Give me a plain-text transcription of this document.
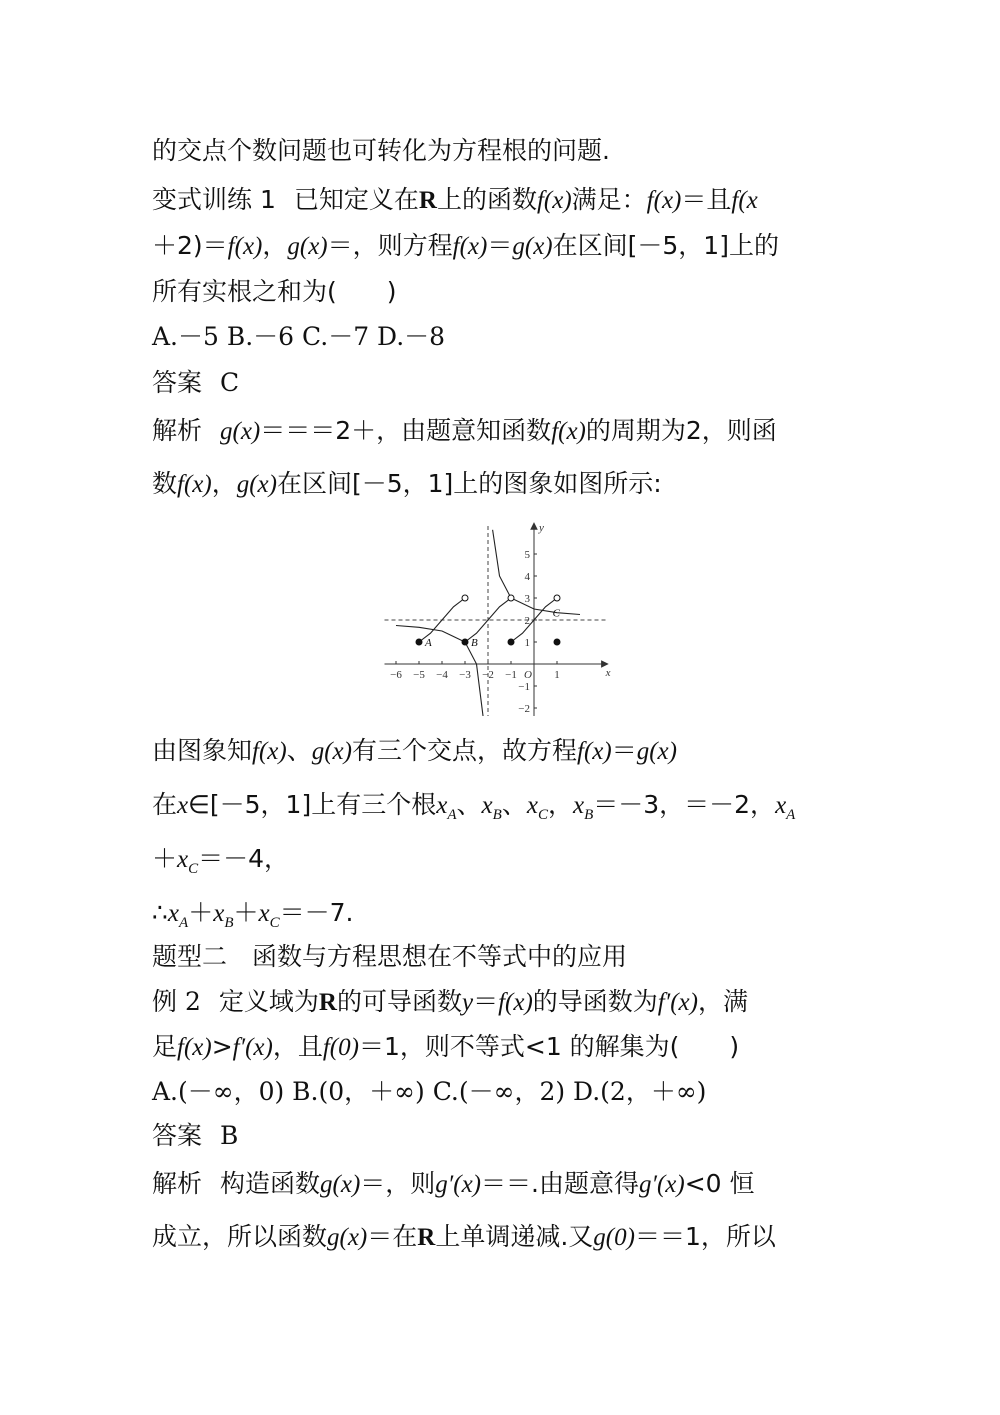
的交点个数问题也可转化为方程根的问题.
变式训练 1 已知定义在R上的函数f(x)满足：f(x)＝且f(x
＋2)＝f(x)，g(x)＝，则方程f(x)＝g(x)在区间[－5，1]上的
所有实根之和为(　　)
A.－5 B.－6 C.－7 D.－8
答案 C
解析 g(x)＝＝＝2＋，由题意知函数f(x)的周期为2，则函
数f(x)，g(x)在区间[－5，1]上的图象如图所示:
−6 −5 −4 −3 −2 −1	1
5
4
3
2
1
−1
−2
x
y
O
A	B
C
由图象知f(x)、g(x)有三个交点，故方程f(x)＝g(x)
在x∈[－5，1]上有三个根$x_A$、$x_B$、$x_C$，$x_B=-3$，＝－2，$x_A$
$+x_C=-4$，
$\therefore x_A+x_B+x_C=-7$.
题型二　函数与方程思想在不等式中的应用
例 2 定义域为R的可导函数y＝f(x)的导函数为f′(x)，满
足f(x)>f′(x)，且f(0)＝1，则不等式<1 的解集为(　　)
A.(－∞，0) B.(0，＋∞) C.(－∞，2) D.(2，＋∞)
答案 B
解析 构造函数g(x)＝，则g′(x)＝＝.由题意得g′(x)<0 恒
成立，所以函数g(x)＝在R上单调递减.又g(0)＝＝1，所以
